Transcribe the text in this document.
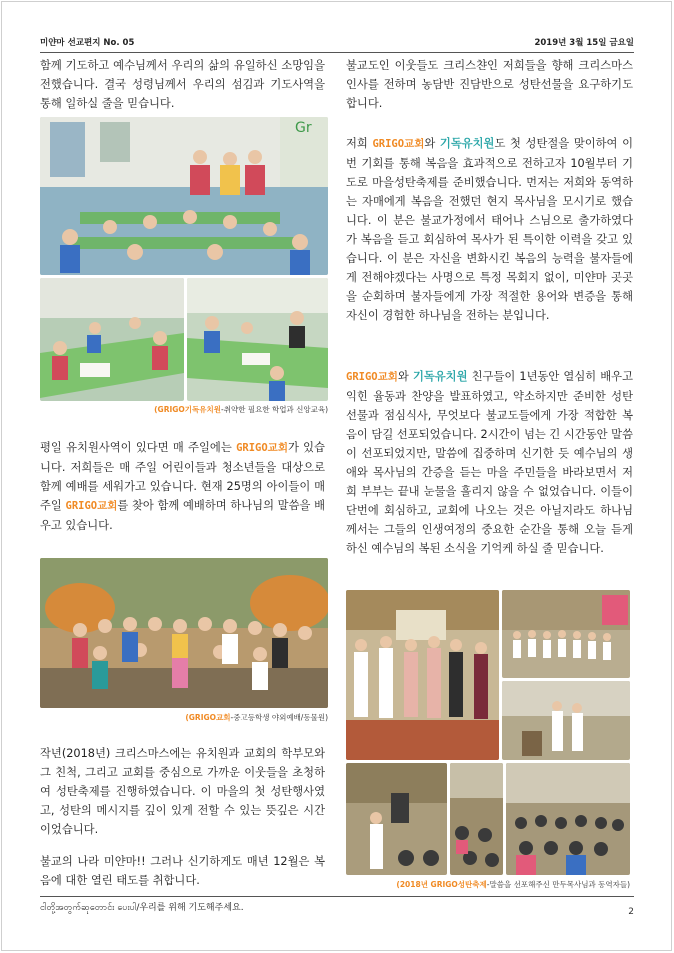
미얀마 선교편지 No. 05	2019년 3월 15일 금요일

함께 기도하고 예수님께서 우리의 삶의 유일하신 소망임을 전했습니다. 결국 성령님께서 우리의 섬김과 기도사역을 통해 일하실 줄을 믿습니다.

Gr
(GRIGO기독유치원-취약한 필요한 학업과 신앙교육)

평일 유치원사역이 있다면 매 주일에는 GRIGO교회가 있습니다. 저희들은 매 주일 어린이들과 청소년들을 대상으로 함께 예배를 세워가고 있습니다. 현재 25명의 아이들이 매 주일 GRIGO교회를 찾아 함께 예배하며 하나님의 말씀을 배우고 있습니다.

(GRIGO교회-중고등학생 야외예배/동물원)

작년(2018년) 크리스마스에는 유치원과 교회의 학부모와 그 친척, 그리고 교회를 중심으로 가까운 이웃들을 초청하여 성탄축제를 진행하였습니다. 이 마을의 첫 성탄행사였고, 성탄의 메시지를 깊이 있게 전할 수 있는 뜻깊은 시간이었습니다.

불교의 나라 미얀마!! 그러나 신기하게도 매년 12월은 복음에 대한 열린 태도를 취합니다.

불교도인 이웃들도 크리스챤인 저희들을 향해 크리스마스 인사를 전하며 농담반 진담반으로 성탄선물을 요구하기도 합니다.

저희 GRIGO교회와 기독유치원도 첫 성탄절을 맞이하여 이번 기회를 통해 복음을 효과적으로 전하고자 10월부터 기도로 마을성탄축제를 준비했습니다. 먼저는 저희와 동역하는 자매에게 복음을 전했던 현지 목사님을 모시기로 했습니다. 이 분은 불교가정에서 태어나 스님으로 출가하였다가 복음을 듣고 회심하여 목사가 된 특이한 이력을 갖고 있습니다. 이 분은 자신을 변화시킨 복음의 능력을 불자들에게 전해야겠다는 사명으로 특정 목회지 없이, 미얀마 곳곳을 순회하며 불자들에게 가장 적절한 용어와 변증을 통해 자신이 경험한 하나님을 전하는 분입니다.

GRIGO교회와 기독유치원 친구들이 1년동안 열심히 배우고 익힌 율동과 찬양을 발표하였고, 약소하지만 준비한 성탄선물과 점심식사, 무엇보다 불교도들에게 가장 적합한 복음이 담길 선포되었습니다. 2시간이 넘는 긴 시간동안 말씀이 선포되었지만, 말씀에 집중하며 신기한 듯 예수님의 생애와 목사님의 간증을 듣는 마을 주민들을 바라보면서 저희 부부는 끝내 눈물을 흘리지 않을 수 없었습니다. 이들이 단번에 회심하고, 교회에 나오는 것은 아닐지라도 하나님께서는 그들의 인생여정의 중요한 순간을 통해 오늘 듣게 하신 예수님의 복된 소식을 기억케 하실 줄 믿습니다.

(2018년 GRIGO성탄축제-말씀을 선포해주신 만두목사님과 동역자들)
ငါတို့အတွက်ဆုတောင်း ပေးပါ/우리를 위해 기도해주세요.	2
